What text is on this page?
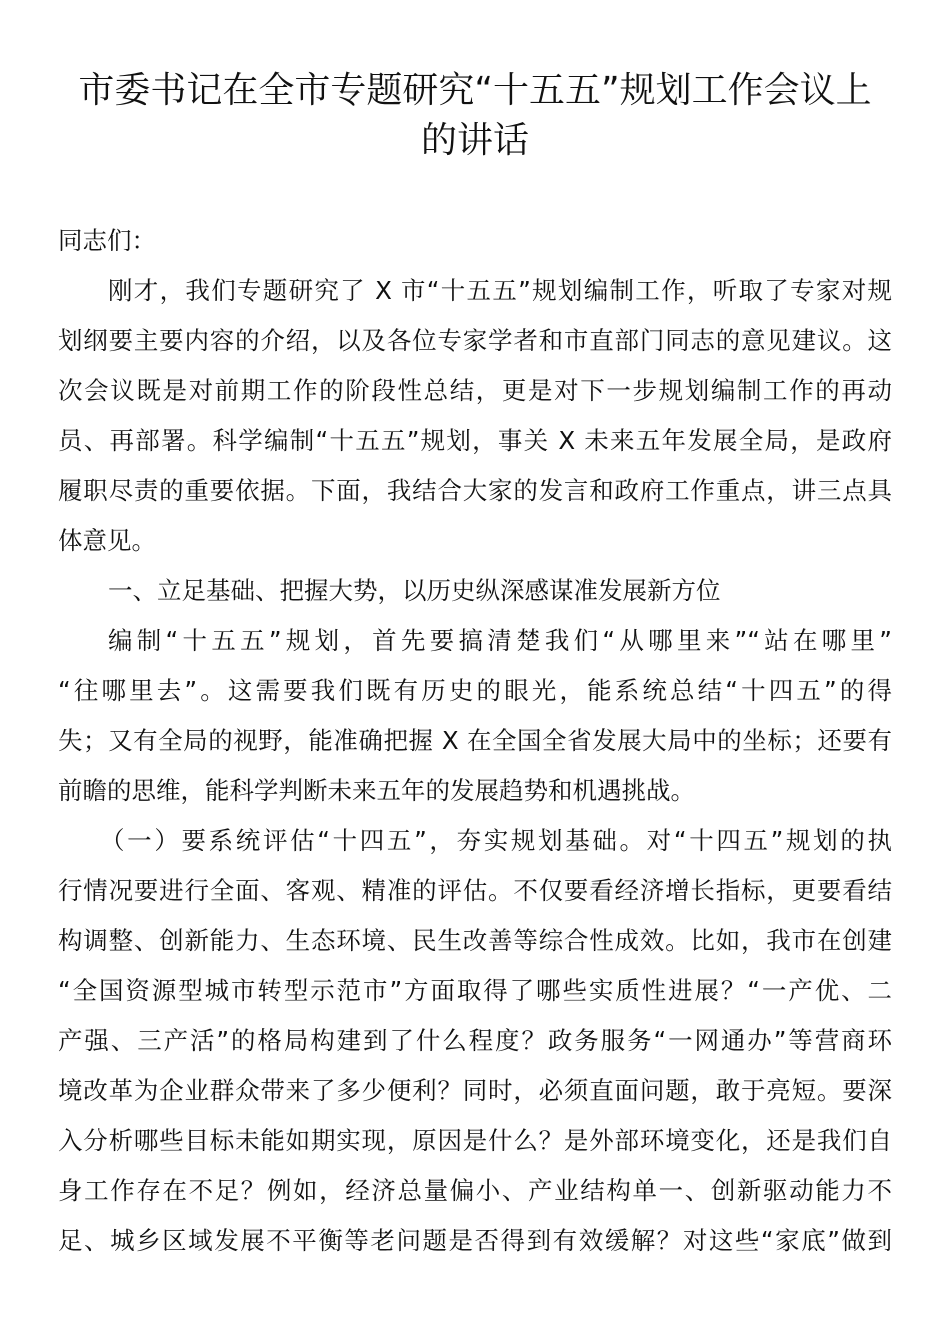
市委书记在全市专题研究“十五五”规划工作会议上
的讲话
同志们：
刚才，我们专题研究了 X 市“十五五”规划编制工作，听取了专家对规
划纲要主要内容的介绍，以及各位专家学者和市直部门同志的意见建议。这
次会议既是对前期工作的阶段性总结，更是对下一步规划编制工作的再动
员、再部署。科学编制“十五五”规划，事关 X 未来五年发展全局，是政府
履职尽责的重要依据。下面，我结合大家的发言和政府工作重点，讲三点具
体意见。
一、立足基础、把握大势，以历史纵深感谋准发展新方位
编制“十五五”规划，首先要搞清楚我们“从哪里来”“站在哪里”
“往哪里去”。这需要我们既有历史的眼光，能系统总结“十四五”的得
失；又有全局的视野，能准确把握 X 在全国全省发展大局中的坐标；还要有
前瞻的思维，能科学判断未来五年的发展趋势和机遇挑战。
（一）要系统评估“十四五”，夯实规划基础。对“十四五”规划的执
行情况要进行全面、客观、精准的评估。不仅要看经济增长指标，更要看结
构调整、创新能力、生态环境、民生改善等综合性成效。比如，我市在创建
“全国资源型城市转型示范市”方面取得了哪些实质性进展？“一产优、二
产强、三产活”的格局构建到了什么程度？政务服务“一网通办”等营商环
境改革为企业群众带来了多少便利？同时，必须直面问题，敢于亮短。要深
入分析哪些目标未能如期实现，原因是什么？是外部环境变化，还是我们自
身工作存在不足？例如，经济总量偏小、产业结构单一、创新驱动能力不
足、城乡区域发展不平衡等老问题是否得到有效缓解？对这些“家底”做到
